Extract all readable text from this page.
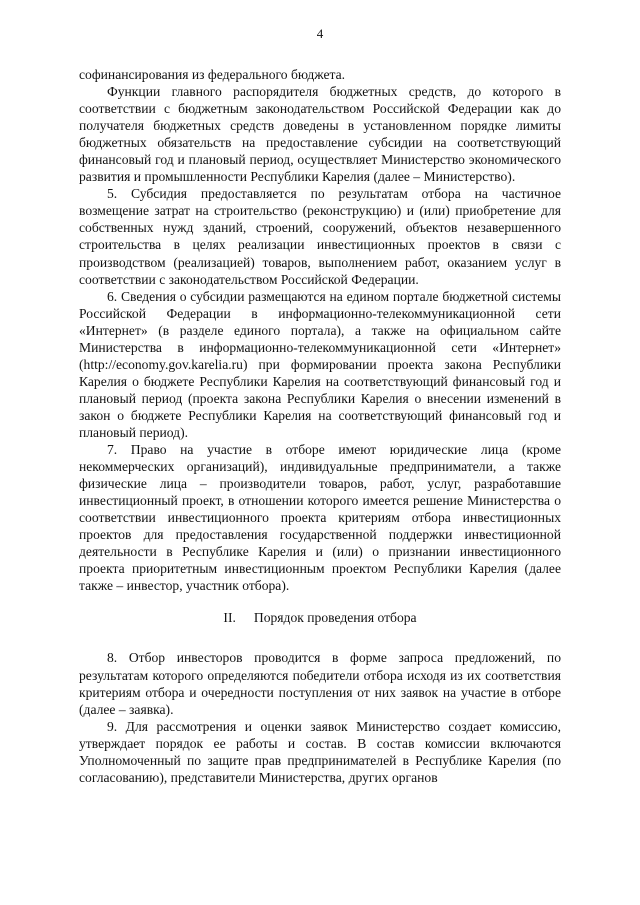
4

софинансирования из федерального бюджета.

Функции главного распорядителя бюджетных средств, до которого в соответствии с бюджетным законодательством Российской Федерации как до получателя бюджетных средств доведены в установленном порядке лимиты бюджетных обязательств на предоставление субсидии на соответствующий финансовый год и плановый период, осуществляет Министерство экономического развития и промышленности Республики Карелия (далее – Министерство).

5. Субсидия предоставляется по результатам отбора на частичное возмещение затрат на строительство (реконструкцию) и (или) приобретение для собственных нужд зданий, строений, сооружений, объектов незавершенного строительства в целях реализации инвестиционных проектов в связи с производством (реализацией) товаров, выполнением работ, оказанием услуг в соответствии с законодательством Российской Федерации.

6. Сведения о субсидии размещаются на едином портале бюджетной системы Российской Федерации в информационно-телекоммуникационной сети «Интернет» (в разделе единого портала), а также на официальном сайте Министерства в информационно-телекоммуникационной сети «Интернет» (http://economy.gov.karelia.ru) при формировании проекта закона Республики Карелия о бюджете Республики Карелия на соответствующий финансовый год и плановый период (проекта закона Республики Карелия о внесении изменений в закон о бюджете Республики Карелия на соответствующий финансовый год и плановый период).

7. Право на участие в отборе имеют юридические лица (кроме некоммерческих организаций), индивидуальные предприниматели, а также физические лица – производители товаров, работ, услуг, разработавшие инвестиционный проект, в отношении которого имеется решение Министерства о соответствии инвестиционного проекта критериям отбора инвестиционных проектов для предоставления государственной поддержки инвестиционной деятельности в Республике Карелия и (или) о признании инвестиционного проекта приоритетным инвестиционным проектом Республики Карелия (далее также – инвестор, участник отбора).

II. Порядок проведения отбора

8. Отбор инвесторов проводится в форме запроса предложений, по результатам которого определяются победители отбора исходя из их соответствия критериям отбора и очередности поступления от них заявок на участие в отборе (далее – заявка).

9. Для рассмотрения и оценки заявок Министерство создает комиссию, утверждает порядок ее работы и состав. В состав комиссии включаются Уполномоченный по защите прав предпринимателей в Республике Карелия (по согласованию), представители Министерства, других органов
